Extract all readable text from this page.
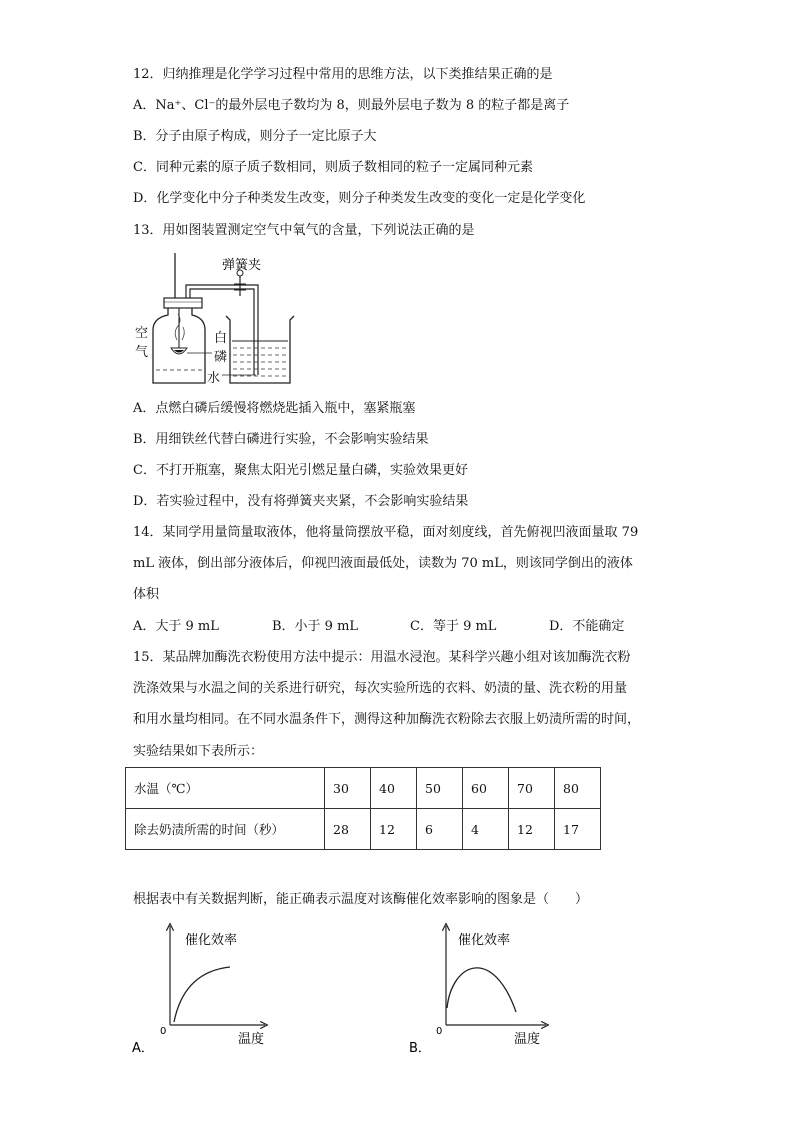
12．归纳推理是化学学习过程中常用的思维方法，以下类推结果正确的是
A．Na⁺、Cl⁻的最外层电子数均为 8，则最外层电子数为 8 的粒子都是离子
B．分子由原子构成，则分子一定比原子大
C．同种元素的原子质子数相同，则质子数相同的粒子一定属同种元素
D．化学变化中分子种类发生改变，则分子种类发生改变的变化一定是化学变化
13．用如图装置测定空气中氧气的含量，下列说法正确的是
弹簧夹
空气
白磷
水
A．点燃白磷后缓慢将燃烧匙插入瓶中，塞紧瓶塞
B．用细铁丝代替白磷进行实验，不会影响实验结果
C．不打开瓶塞，聚焦太阳光引燃足量白磷，实验效果更好
D．若实验过程中，没有将弹簧夹夹紧，不会影响实验结果
14．某同学用量筒量取液体，他将量筒摆放平稳，面对刻度线，首先俯视凹液面量取 79
mL 液体，倒出部分液体后，仰视凹液面最低处，读数为 70 mL，则该同学倒出的液体
体积
A．大于 9 mL	B．小于 9 mL	C．等于 9 mL	D．不能确定
15．某品牌加酶洗衣粉使用方法中提示：用温水浸泡。某科学兴趣小组对该加酶洗衣粉
洗涤效果与水温之间的关系进行研究，每次实验所选的衣料、奶渍的量、洗衣粉的用量
和用水量均相同。在不同水温条件下，测得这种加酶洗衣粉除去衣服上奶渍所需的时间，
实验结果如下表所示：
水温（℃）	30	40	50	60	70	80
除去奶渍所需的时间（秒）	28	12	6	4	12	17
根据表中有关数据判断，能正确表示温度对该酶催化效率影响的图象是（　　）
催化效率
温度
0
A．
催化效率
温度
0
B．
